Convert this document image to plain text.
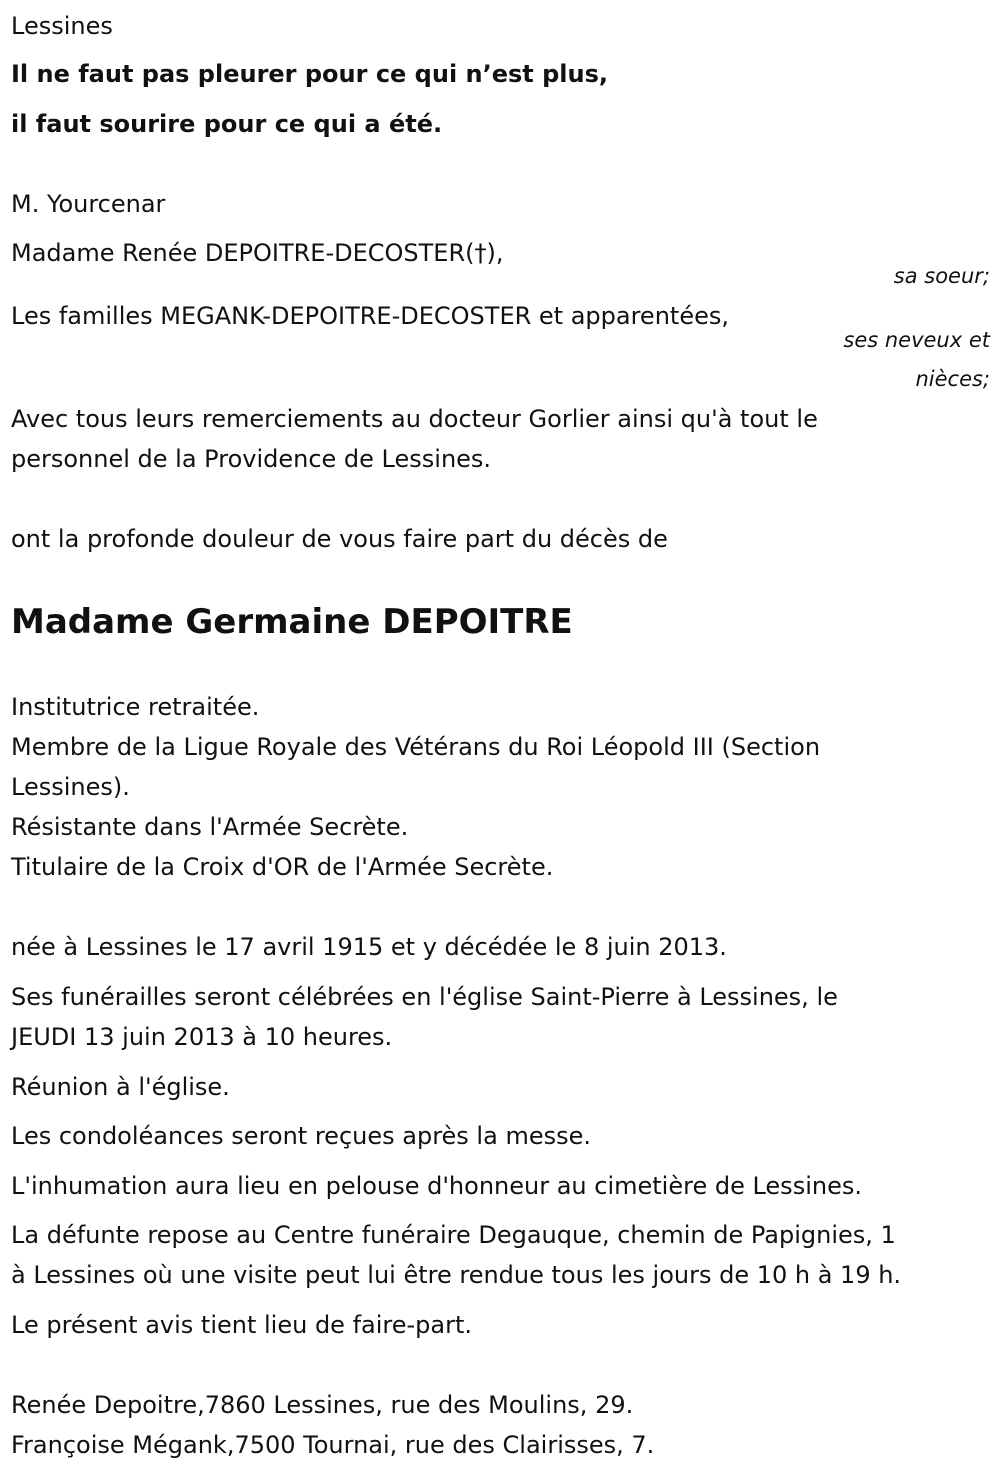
Lessines
Il ne faut pas pleurer pour ce qui n’est plus,
il faut sourire pour ce qui a été.
M. Yourcenar
Madame Renée DEPOITRE-DECOSTER(†),
sa soeur;
Les familles MEGANK-DEPOITRE-DECOSTER et apparentées,
ses neveux et
nièces;
Avec tous leurs remerciements au docteur Gorlier ainsi qu'à tout le
personnel de la Providence de Lessines.
ont la profonde douleur de vous faire part du décès de
Madame Germaine DEPOITRE
Institutrice retraitée.
Membre de la Ligue Royale des Vétérans du Roi Léopold III (Section
Lessines).
Résistante dans l'Armée Secrète.
Titulaire de la Croix d'OR de l'Armée Secrète.
née à Lessines le 17 avril 1915 et y décédée le 8 juin 2013.
Ses funérailles seront célébrées en l'église Saint-Pierre à Lessines, le
JEUDI 13 juin 2013 à 10 heures.
Réunion à l'église.
Les condoléances seront reçues après la messe.
L'inhumation aura lieu en pelouse d'honneur au cimetière de Lessines.
La défunte repose au Centre funéraire Degauque, chemin de Papignies, 1
à Lessines où une visite peut lui être rendue tous les jours de 10 h à 19 h.
Le présent avis tient lieu de faire-part.
Renée Depoitre,7860 Lessines, rue des Moulins, 29.
Françoise Mégank,7500 Tournai, rue des Clairisses, 7.
